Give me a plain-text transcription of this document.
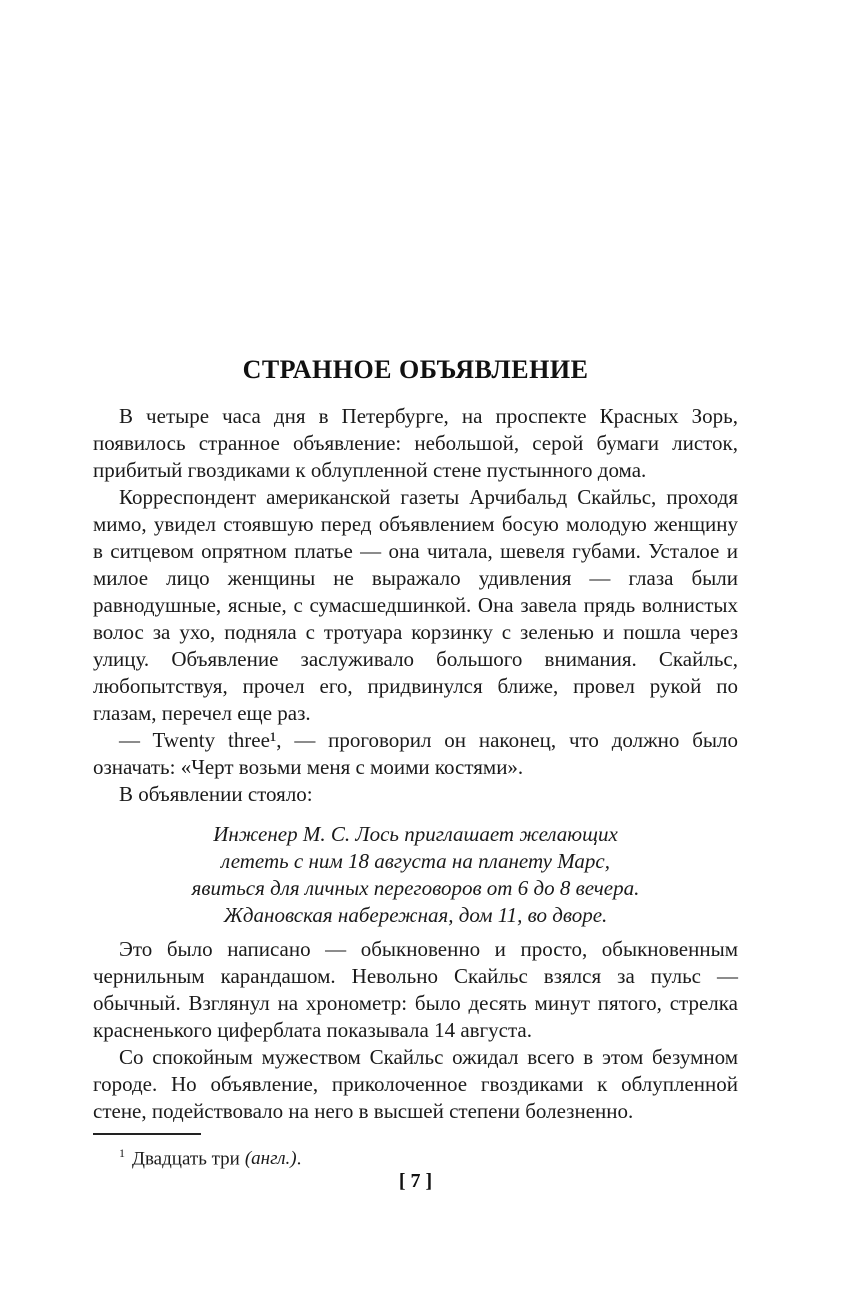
СТРАННОЕ ОБЪЯВЛЕНИЕ

В четыре часа дня в Петербурге, на проспекте Красных Зорь, появилось странное объявление: небольшой, серой бумаги листок, прибитый гвоздиками к облупленной стене пустынного дома.

Корреспондент американской газеты Арчибальд Скайльс, проходя мимо, увидел стоявшую перед объявлением босую молодую женщину в ситцевом опрятном платье — она читала, шевеля губами. Усталое и милое лицо женщины не выражало удивления — глаза были равнодушные, ясные, с сумасшедшинкой. Она завела прядь волнистых волос за ухо, подняла с тротуара корзинку с зеленью и пошла через улицу. Объявление заслуживало большого внимания. Скайльс, любопытствуя, прочел его, придвинулся ближе, провел рукой по глазам, перечел еще раз.

— Twenty three¹, — проговорил он наконец, что должно было означать: «Черт возьми меня с моими костями».

В объявлении стояло:

Инженер М. С. Лось приглашает желающих
лететь с ним 18 августа на планету Марс,
явиться для личных переговоров от 6 до 8 вечера.
Ждановская набережная, дом 11, во дворе.

Это было написано — обыкновенно и просто, обыкновенным чернильным карандашом. Невольно Скайльс взялся за пульс — обычный. Взглянул на хронометр: было десять минут пятого, стрелка красненького циферблата показывала 14 августа.

Со спокойным мужеством Скайльс ожидал всего в этом безумном городе. Но объявление, приколоченное гвоздиками к облупленной стене, подействовало на него в высшей степени болезненно.

$^1$ Двадцать три (англ.).

[ 7 ]
